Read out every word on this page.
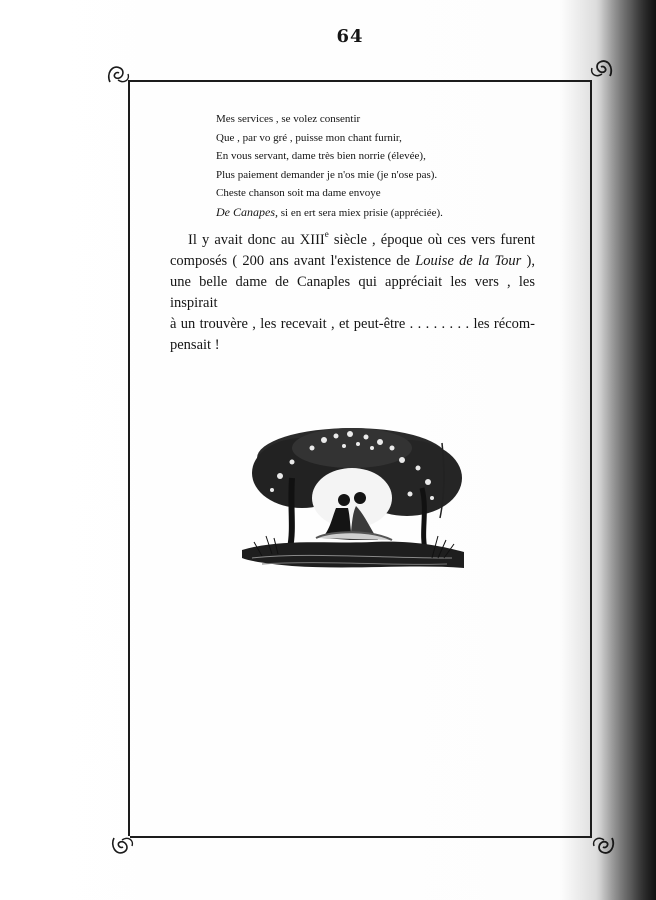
64
Mes services , se volez consentir
Que , par vo gré , puisse mon chant furnir,
En vous servant, dame très bien norrie (élevée),
Plus paiement demander je n'os mie (je n'ose pas).
Cheste chanson soit ma dame envoye
De Canapes, si en ert sera miex prisie (appréciée).
Il y avait donc au XIIIe siècle , époque où ces vers furent
composés ( 200 ans avant l'existence de Louise de la Tour ),
une belle dame de Canaples qui appréciait les vers , les inspirait
à un trouvère , les recevait , et peut-être . . . . . . . . les récom-
pensait !
